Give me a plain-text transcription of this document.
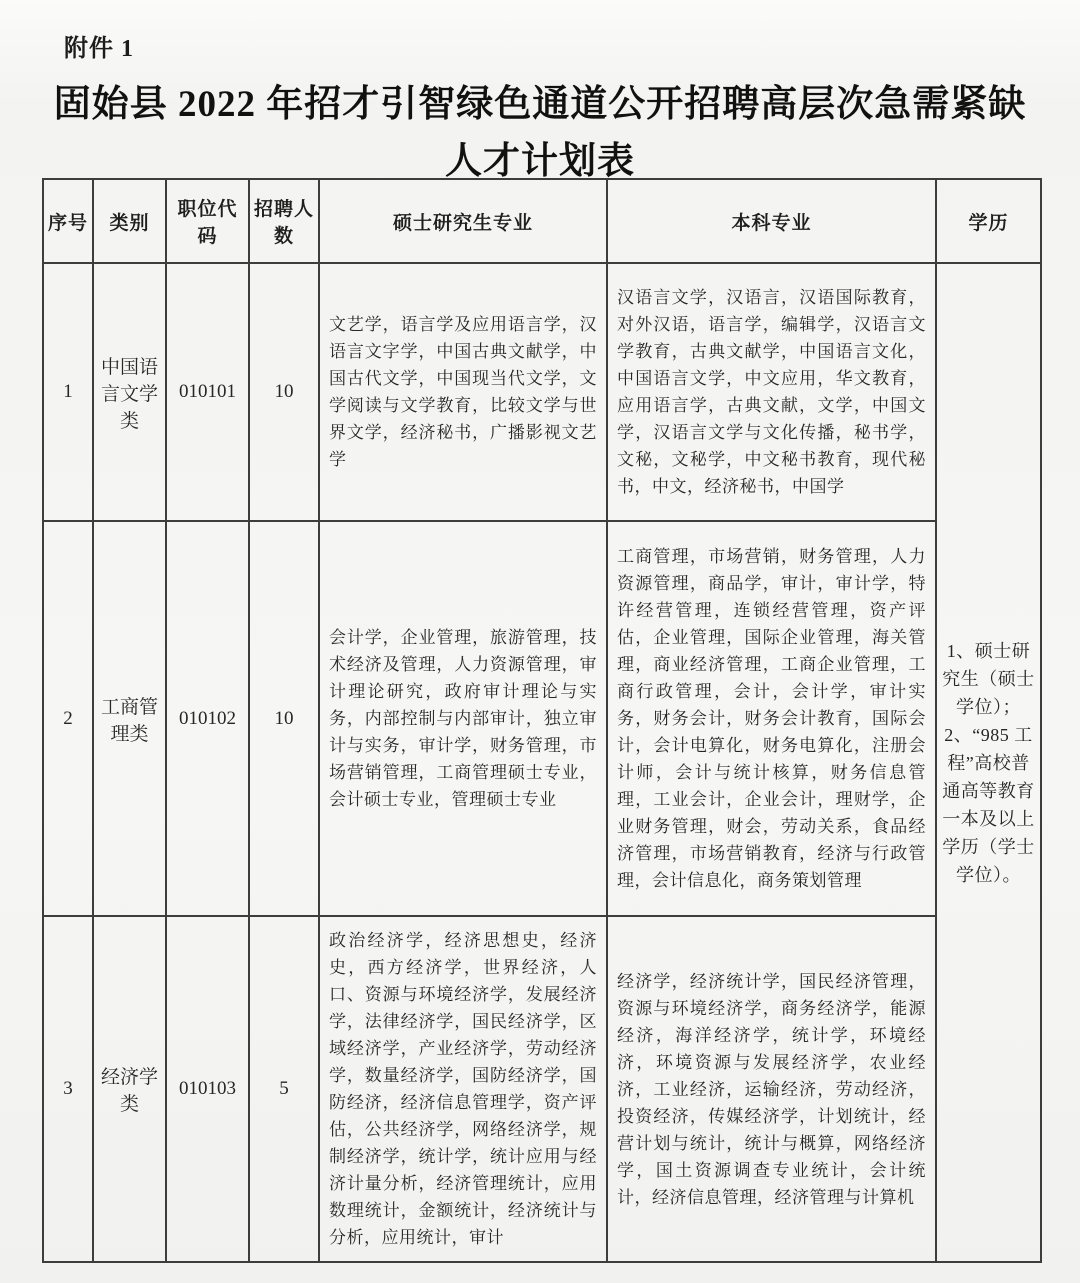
附件 1
固始县 2022 年招才引智绿色通道公开招聘高层次急需紧缺
人才计划表
序号	类别	职位代码	招聘人数	硕士研究生专业	本科专业	学历
1	中国语言文学类	010101	10	文艺学，语言学及应用语言学，汉语言文字学，中国古典文献学，中国古代文学，中国现当代文学，文学阅读与文学教育，比较文学与世界文学，经济秘书，广播影视文艺学	汉语言文学，汉语言，汉语国际教育，对外汉语，语言学，编辑学，汉语言文学教育，古典文献学，中国语言文化，中国语言文学，中文应用，华文教育，应用语言学，古典文献，文学，中国文学，汉语言文学与文化传播，秘书学，文秘，文秘学，中文秘书教育，现代秘书，中文，经济秘书，中国学	1、硕士研究生（硕士学位）；2、“985 工程”高校普通高等教育一本及以上学历（学士学位）。
2	工商管理类	010102	10	会计学，企业管理，旅游管理，技术经济及管理，人力资源管理，审计理论研究，政府审计理论与实务，内部控制与内部审计，独立审计与实务，审计学，财务管理，市场营销管理，工商管理硕士专业，会计硕士专业，管理硕士专业	工商管理，市场营销，财务管理，人力资源管理，商品学，审计，审计学，特许经营管理，连锁经营管理，资产评估，企业管理，国际企业管理，海关管理，商业经济管理，工商企业管理，工商行政管理，会计，会计学，审计实务，财务会计，财务会计教育，国际会计，会计电算化，财务电算化，注册会计师，会计与统计核算，财务信息管理，工业会计，企业会计，理财学，企业财务管理，财会，劳动关系，食品经济管理，市场营销教育，经济与行政管理，会计信息化，商务策划管理	
3	经济学类	010103	5	政治经济学，经济思想史，经济史，西方经济学，世界经济，人口、资源与环境经济学，发展经济学，法律经济学，国民经济学，区域经济学，产业经济学，劳动经济学，数量经济学，国防经济学，国防经济，经济信息管理学，资产评估，公共经济学，网络经济学，规制经济学，统计学，统计应用与经济计量分析，经济管理统计，应用数理统计，金额统计，经济统计与分析，应用统计，审计	经济学，经济统计学，国民经济管理，资源与环境经济学，商务经济学，能源经济，海洋经济学，统计学，环境经济，环境资源与发展经济学，农业经济，工业经济，运输经济，劳动经济，投资经济，传媒经济学，计划统计，经营计划与统计，统计与概算，网络经济学，国土资源调查专业统计，会计统计，经济信息管理，经济管理与计算机	
